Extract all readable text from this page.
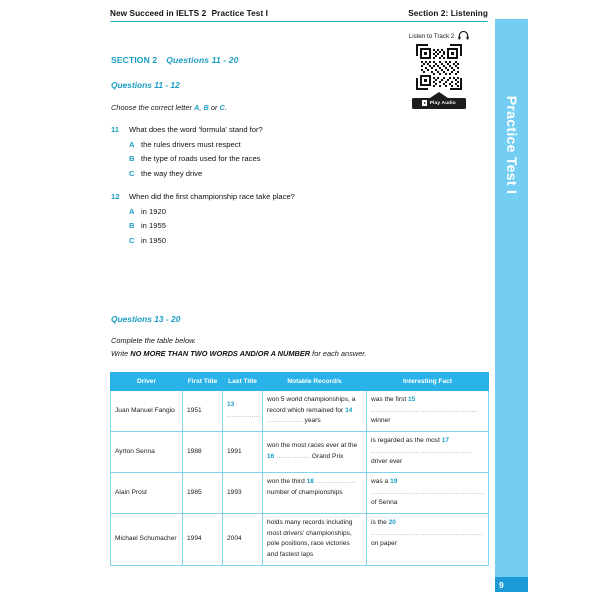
New Succeed in IELTS 2 Practice Test I	Section 2: Listening
Listen to Track 2
Play Audio
SECTION 2 Questions 11 - 20
Questions 11 - 12
Choose the correct letter A, B or C.
11 What does the word 'formula' stand for?
A the rules drivers must respect
B the type of roads used for the races
C the way they drive
12 When did the first championship race take place?
A in 1920
B in 1955
C in 1950
Questions 13 - 20
Complete the table below.
Write NO MORE THAN TWO WORDS AND/OR A NUMBER for each answer.
Driver	First Title	Last Title	Notable Record/s	Interesting Fact
Juan Manuel Fangio	1951	13 ...............	won 5 world championships, a record which remained for 14 ................ years	was the first 15 ................................................ winner
Ayrton Senna	1988	1991	won the most races ever at the 16 ............... Grand Prix	is regarded as the most 17 ............................................. driver ever
Alain Prost	1985	1993	won the third 18 .................. number of championships	was a 19 ................................................... of Senna
Michael Schumacher	1994	2004	holds many records including most drivers' championships, pole positions, race victories and fastest laps	is the 20 .................................................. on paper
Practice Test I
9
